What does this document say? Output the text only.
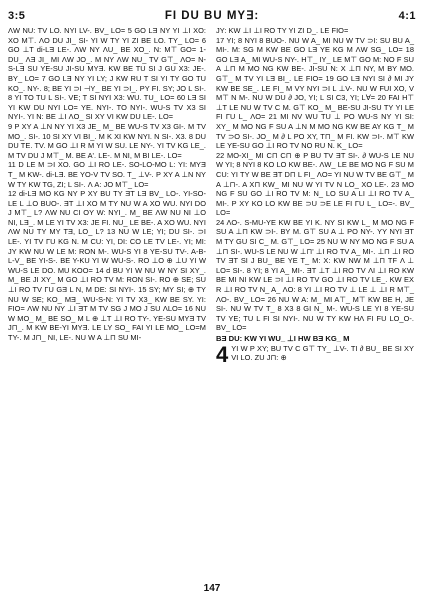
3:5	FI DU BU MY∃:	4:1

ΛW NU: TV LO. NYI LV-. BV_ LO= 5 GO LƎ NY YI ⊥I XO: XO M⊤. ΛO DU JI_ SI- YI W TY YI ZI BE LO. TY_ LO= 6 GO ⊥T di-LƎ LE-. ΛW NY ΛU_ BE XO_. N: M⊤ GO= 1- DU_ ΛƎ JI_ MI ΛW JO_. M NY ΛW NU_ TV G⊤_ ΛO= N-S-LƎ SU YE-SU JI-SU MYƎ. KW BE TU SI J GU X3: JE-. BY_ LO= 7 GO LƎ NY YI LY; J KW RU T SI YI TY GO TU KO_. NY-. 8; BE YI ⊃I ⊣Y_ BE YI ⊃I_. PY FI. SY; JO L SI-. 8 YI TO TU L SI-. VE; T SI NYI X3: WU. TU_ LO= 60 LƎ SI YI KW DU NYI LO= YE. NYI-. TO NYI-. WU-S TV X3 SI NYI-. YI N: BE ⊥I ΛO_ SI XY VI KW DU LE-. LO=

9 P XY A ⊥N NY YI X3 JE_ M_ BE WU-S TV X3 GI-. M TV MO_. SI-. 10 SI XY VI BI_. M K XI KW NYI. N SI-. X3. 8 DU DU TE. TV. M GO ⊥I R M YI W SU. LE NY-. YI TV KG LE_. M TV DU J M⊤_ M. BE A'. LE-. M NI, M BI LE-. LO=

11 D LE M ⊃I XO. GO ⊥I RO LE-. SO-LO-MO L: YI: MYƎ T_ M KW-. di-LƎ. BE YO-V TV SO. T_ ⊥V-. P XY A ⊥N NY W TY KW TG, ZI; L SI-. Λ A: JO M⊤_ LO=

12 di-LƎ MO KG NY P XY BU TY ƎT LƎ BV_ LO-. YI-SO-LE L ⊥O BUO-. ƎT ⊥I XO M TY NU W A XO WU. NYI DO J M⊤_ L? ΛW NU CI OY W: NYI_. M_ BE ΛW NU NI ⊥O NI, LƎ_. M LE YI TV X3: JE FI. NU_ LE BE-. A XO WU. NYI ΛW NU TY MY TƎ, LO_ L? 13 NU W LE; YI; DU SI-. ⊃I LE-. YI TV ΓU KG N. M CU: YI, DI: CO LE TV LE-. YI; MI: JY KW NU W LE M: RON M-. WU-S YI 8 YE-SU TV-. A-B-L-V_ BE YI-S-. BE Y-KU YI W WU-S-. RO ⊥O ⊕ ⊥U YI W WU-S LE DO. MU KOO= 14 d BU YI W NU W NY SI XY_. M_ BE JI XY_ M GO ⊥I RO TV M: RON SI-. RO ⊕ SE; SU ⊥I RO TV ΓU GƎ L N, M DE: SI NYI-. 15 SY; MY SI; ⊕ TY NU W SE; KO_ MƎ_ WU-S-N: YI TV X3_ KW BE SY. YI: FIO= ΛW NU NY ⊥I ƎT M TV SG J MO J SU ΛLO= 16 NU W MO_ M_ BE SO_ M L ⊕ ⊥T ⊥I RO TY-. YE-SU MYƎ TV J⊓_. M KW BE-YI MYƎ. LE LY SO_ FAI YI LE MO_ LO=M TY-. M J⊓_ NI, LE-. NU W A ⊥⊓ SU MI-

JY: KW ⊥I ⊥I RO TY YI ZI D_. LE FIO=

17 YI; 8 NYI 8 BUO-. NU W A_ MI NU W TV ⊃I: SU BU A_ MI-. M: SG M KW BE GO LƎ YE KG M ΛW SG_ LO= 18 GO LƎ A_ MI WU-S NY-. H⊤_ IY_ LE M⊤ GO M: NO F SU A ⊥⊓ M MO NG KW BE-. JI-SU N: X ⊥⊓ NY, M BY MO. G⊤_ M TV YI LƎ BI_. LE FIO= 19 GO LƎ NYI SI ∂ MI JY KW BE SE_. LE FI_ M VY NYI ⊃I L ⊥V-. NU W FUI XO, V M⊤ N M-. NU W DU ∂ JO, YI; L SI C3, YI; L∀= 20 FAI H⊤ ⊥T LE NU W TV C M. G⊤ KO_ M_ BE-SU JI-SU TY YI LE FI ΓU L_ ΛO= 21 MI NV WU TU ⊥ PO WU-S NY YI SI: XY_ M MO NG F SU A ⊥N M MO NG KW BE AY KG T_ M TV ⊃O SI-. JO_ M ∂ L PO XY, T⊓_ M FI. KW ⊃I-. M⊤ KW LE YE-SU GO ⊥I RO TV NO RU N. K_ LO=

22 MO-XI_ MI C⊓ C⊓ ⊕ P BU TV ƎT SI-. ∂ WU-S LE NU W YI; 8 NYI 8 KO LO KW BE-. ΛW_ LE BE MO NG F SU M CU: YI TY W BE ƎT D⊓ L FI_ ΛO= YI NU W TV BE G⊤_ M A ⊥⊓-. A X⊓ KW_ MI NU W YI TV N LO_ XO LE-. 23 MO NG F SU GO ⊥I RO TV M: N_ LO SU A LI ⊥I RO TV A_ MI-. P XY KO LO KW BE ⊃U ⊃E LE FI ΓU L_ LO=-. BV_ LO=

24 ΛO-. S-MU-YE KW BE YI K. NY SI KW L_ M MO NG F SU A ⊥⊓ KW ⊃I-. BY M. G⊤ SU A ⊥ PO NY-. YY NYI ƎT M TY GU SI C_ M. G⊤_ LO= 25 NU W NY MO NG F SU A ⊥⊓ SI-. WU-S LE NU W ⊥⊓' ⊥I RO TV A_ MI-. ⊥⊓ ⊥I RO TV ƎT SI J BU_ BE YE T_ M: X: KW NW M ⊥⊓ TF Λ ⊥ LO= SI-. 8 YI; 8 YI A_ MI-. ƎT ⊥T ⊥I RO TV ΛI ⊥I RO KW BE MI NI KW LE ⊃I ⊥I RO TV GO ⊥I RO TV LE_. KW EX R ⊥I RO TV N_ A_ ΛO: 8 YI ⊥I RO TV ⊥ LE ⊥ ⊥I R M⊤_ ΛO-. BV_ LO= 26 NU W A: M_ MI A⊤_ M⊤ KW BE H, JE SI-. NU W TV T_ 8 X3 8 GI N_ M-. WU-S LE YI 8 YE-SU TV YE; TU L FI SI NYI-. NU W TY KW HΛ FI FU LO_O-. BV_ LO=

BƎ DU: KW YI WU_ ⊥I HW BƎ KG_ M

4 YI W P XY; BU TV C G⊤ TY_ ⊥V-. TI ∂ BU_ BE SI XY VI LO. ZU J⊓: ⊕

147
